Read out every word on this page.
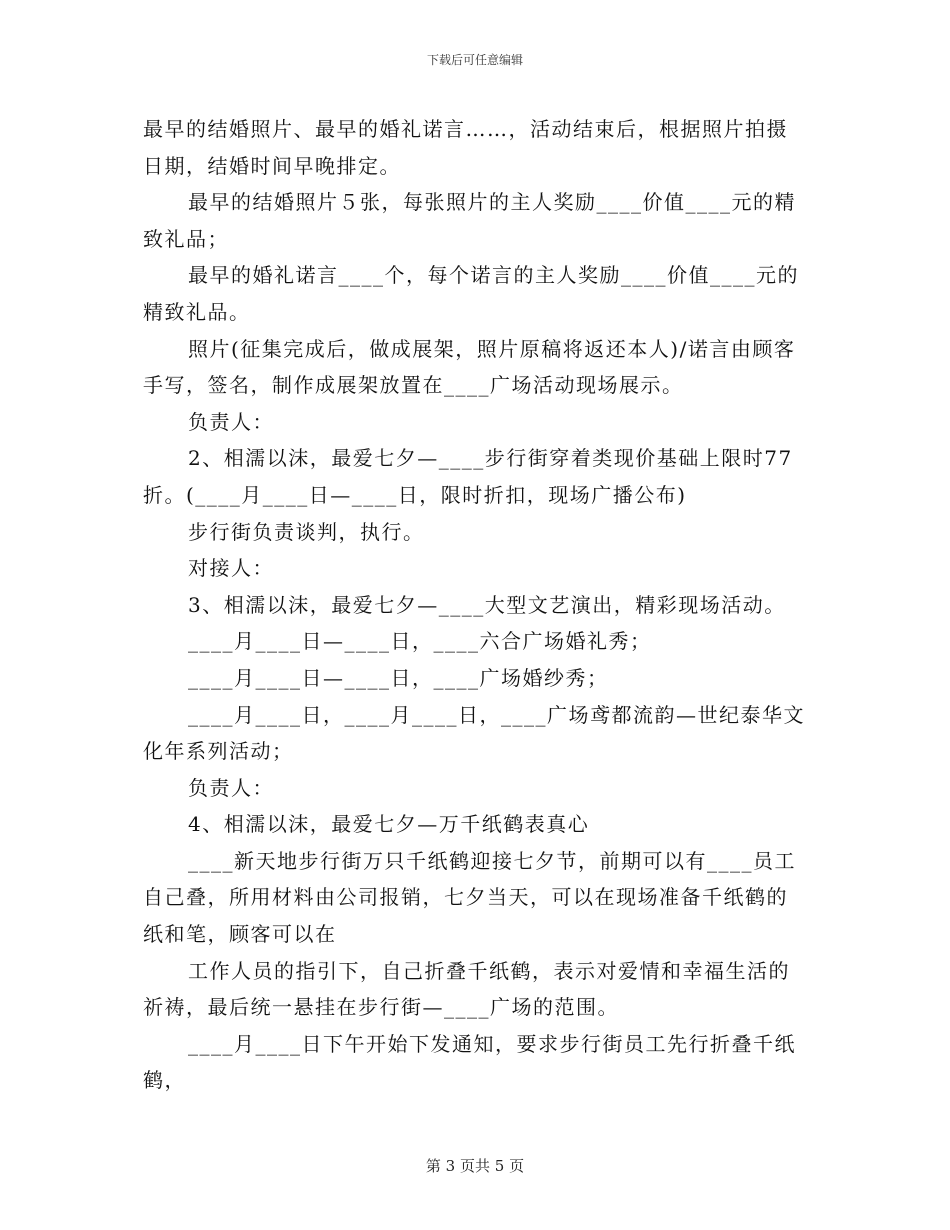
下载后可任意编辑
最早的结婚照片、最早的婚礼诺言……，活动结束后，根据照片拍摄
日期，结婚时间早晚排定。
最早的结婚照片５张，每张照片的主人奖励____价值____元的精
致礼品；
最早的婚礼诺言____个，每个诺言的主人奖励____价值____元的
精致礼品。
照片(征集完成后，做成展架，照片原稿将返还本人)/诺言由顾客
手写，签名，制作成展架放置在____广场活动现场展示。
负责人：
2、相濡以沫，最爱七夕—____步行街穿着类现价基础上限时77
折。(____月____日—____日，限时折扣，现场广播公布)
步行街负责谈判，执行。
对接人：
3、相濡以沫，最爱七夕—____大型文艺演出，精彩现场活动。
____月____日—____日，____六合广场婚礼秀；
____月____日—____日，____广场婚纱秀；
____月____日，____月____日，____广场鸢都流韵—世纪泰华文
化年系列活动；
负责人：
4、相濡以沫，最爱七夕—万千纸鹤表真心
____新天地步行街万只千纸鹤迎接七夕节，前期可以有____员工
自己叠，所用材料由公司报销，七夕当天，可以在现场准备千纸鹤的
纸和笔，顾客可以在
工作人员的指引下，自己折叠千纸鹤，表示对爱情和幸福生活的
祈祷，最后统一悬挂在步行街—____广场的范围。
____月____日下午开始下发通知，要求步行街员工先行折叠千纸
鹤，
第 3 页共 5 页
